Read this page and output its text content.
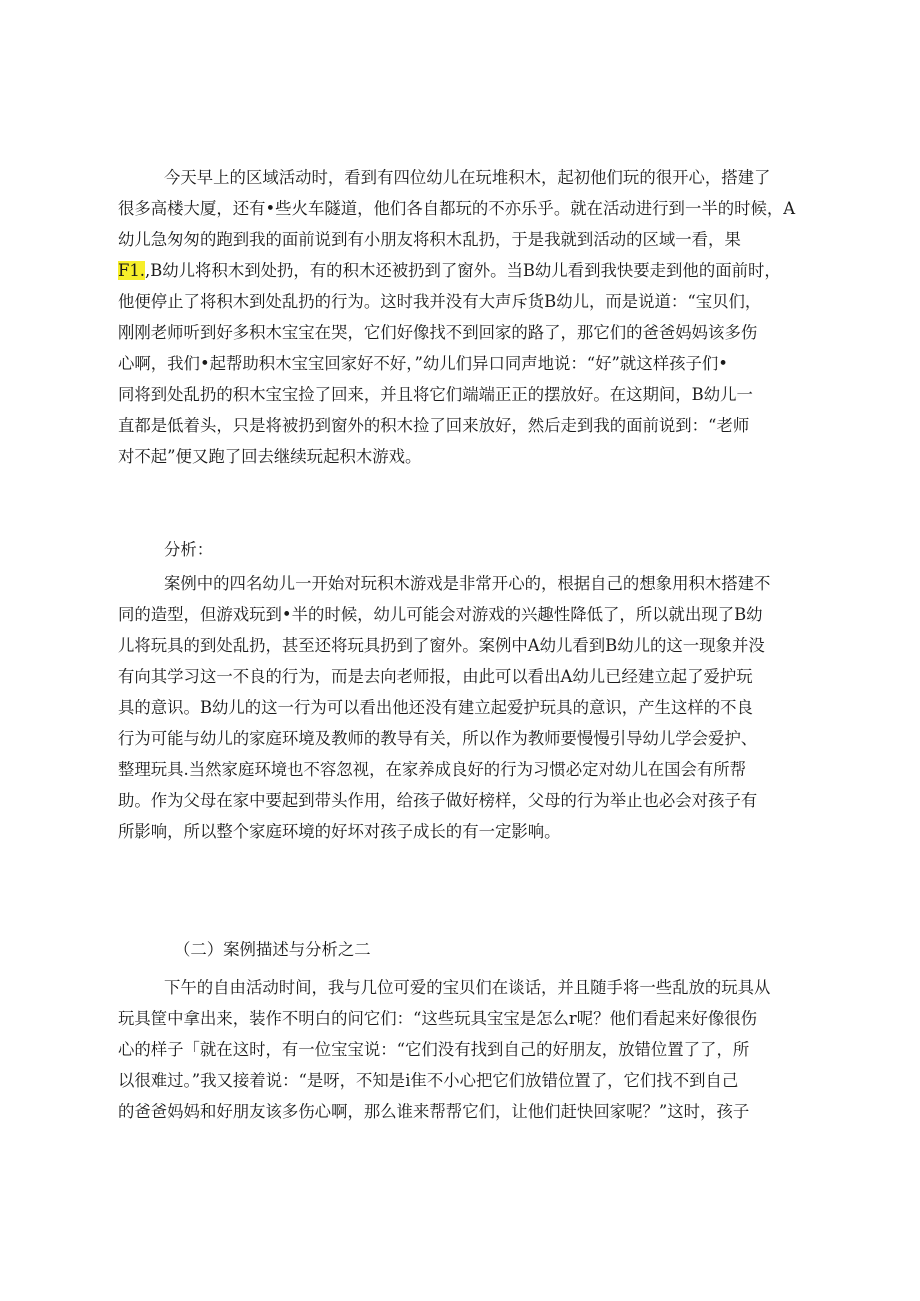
今天早上的区域活动时，看到有四位幼儿在玩堆积木，起初他们玩的很开心，搭建了
很多高楼大厦，还有•些火车隧道，他们各自都玩的不亦乐乎。就在活动进行到一半的时候，A
幼儿急匆匆的跑到我的面前说到有小朋友将积木乱扔，于是我就到活动的区域一看，果
F1.,B幼儿将积木到处扔，有的积木还被扔到了窗外。当B幼儿看到我快要走到他的面前时，
他便停止了将积木到处乱扔的行为。这时我并没有大声斥货B幼儿，而是说道：“宝贝们，
刚刚老师听到好多积木宝宝在哭，它们好像找不到回家的路了，那它们的爸爸妈妈该多伤
心啊，我们•起帮助积木宝宝回家好不好，”幼儿们异口同声地说：“好”就这样孩子们•
同将到处乱扔的积木宝宝捡了回来，并且将它们端端正正的摆放好。在这期间，B幼儿一
直都是低着头，只是将被扔到窗外的积木捡了回来放好，然后走到我的面前说到：“老师
对不起”便又跑了回去继续玩起积木游戏。
分析：
案例中的四名幼儿一开始对玩积木游戏是非常开心的，根据自己的想象用积木搭建不
同的造型，但游戏玩到•半的时候，幼儿可能会对游戏的兴趣性降低了，所以就出现了B幼
儿将玩具的到处乱扔，甚至还将玩具扔到了窗外。案例中A幼儿看到B幼儿的这一现象并没
有向其学习这一不良的行为，而是去向老师报，由此可以看出A幼儿已经建立起了爱护玩
具的意识。B幼儿的这一行为可以看出他还没有建立起爱护玩具的意识，产生这样的不良
行为可能与幼儿的家庭环境及教师的教导有关，所以作为教师要慢慢引导幼儿学会爱护、
整理玩具.当然家庭环境也不容忽视，在家养成良好的行为习惯必定对幼儿在国会有所帮
助。作为父母在家中要起到带头作用，给孩子做好榜样，父母的行为举止也必会对孩子有
所影响，所以整个家庭环境的好坏对孩子成长的有一定影响。
（二）案例描述与分析之二
下午的自由活动时间，我与几位可爱的宝贝们在谈话，并且随手将一些乱放的玩具从
玩具筐中拿出来，装作不明白的问它们：“这些玩具宝宝是怎么r呢？他们看起来好像很伤
心的样子「就在这时，有一位宝宝说：“它们没有找到自己的好朋友，放错位置了了，所
以很难过。”我又接着说：“是呀，不知是i隹不小心把它们放错位置了，它们找不到自己
的爸爸妈妈和好朋友该多伤心啊，那么谁来帮帮它们，让他们赶快回家呢？”这时，孩子
